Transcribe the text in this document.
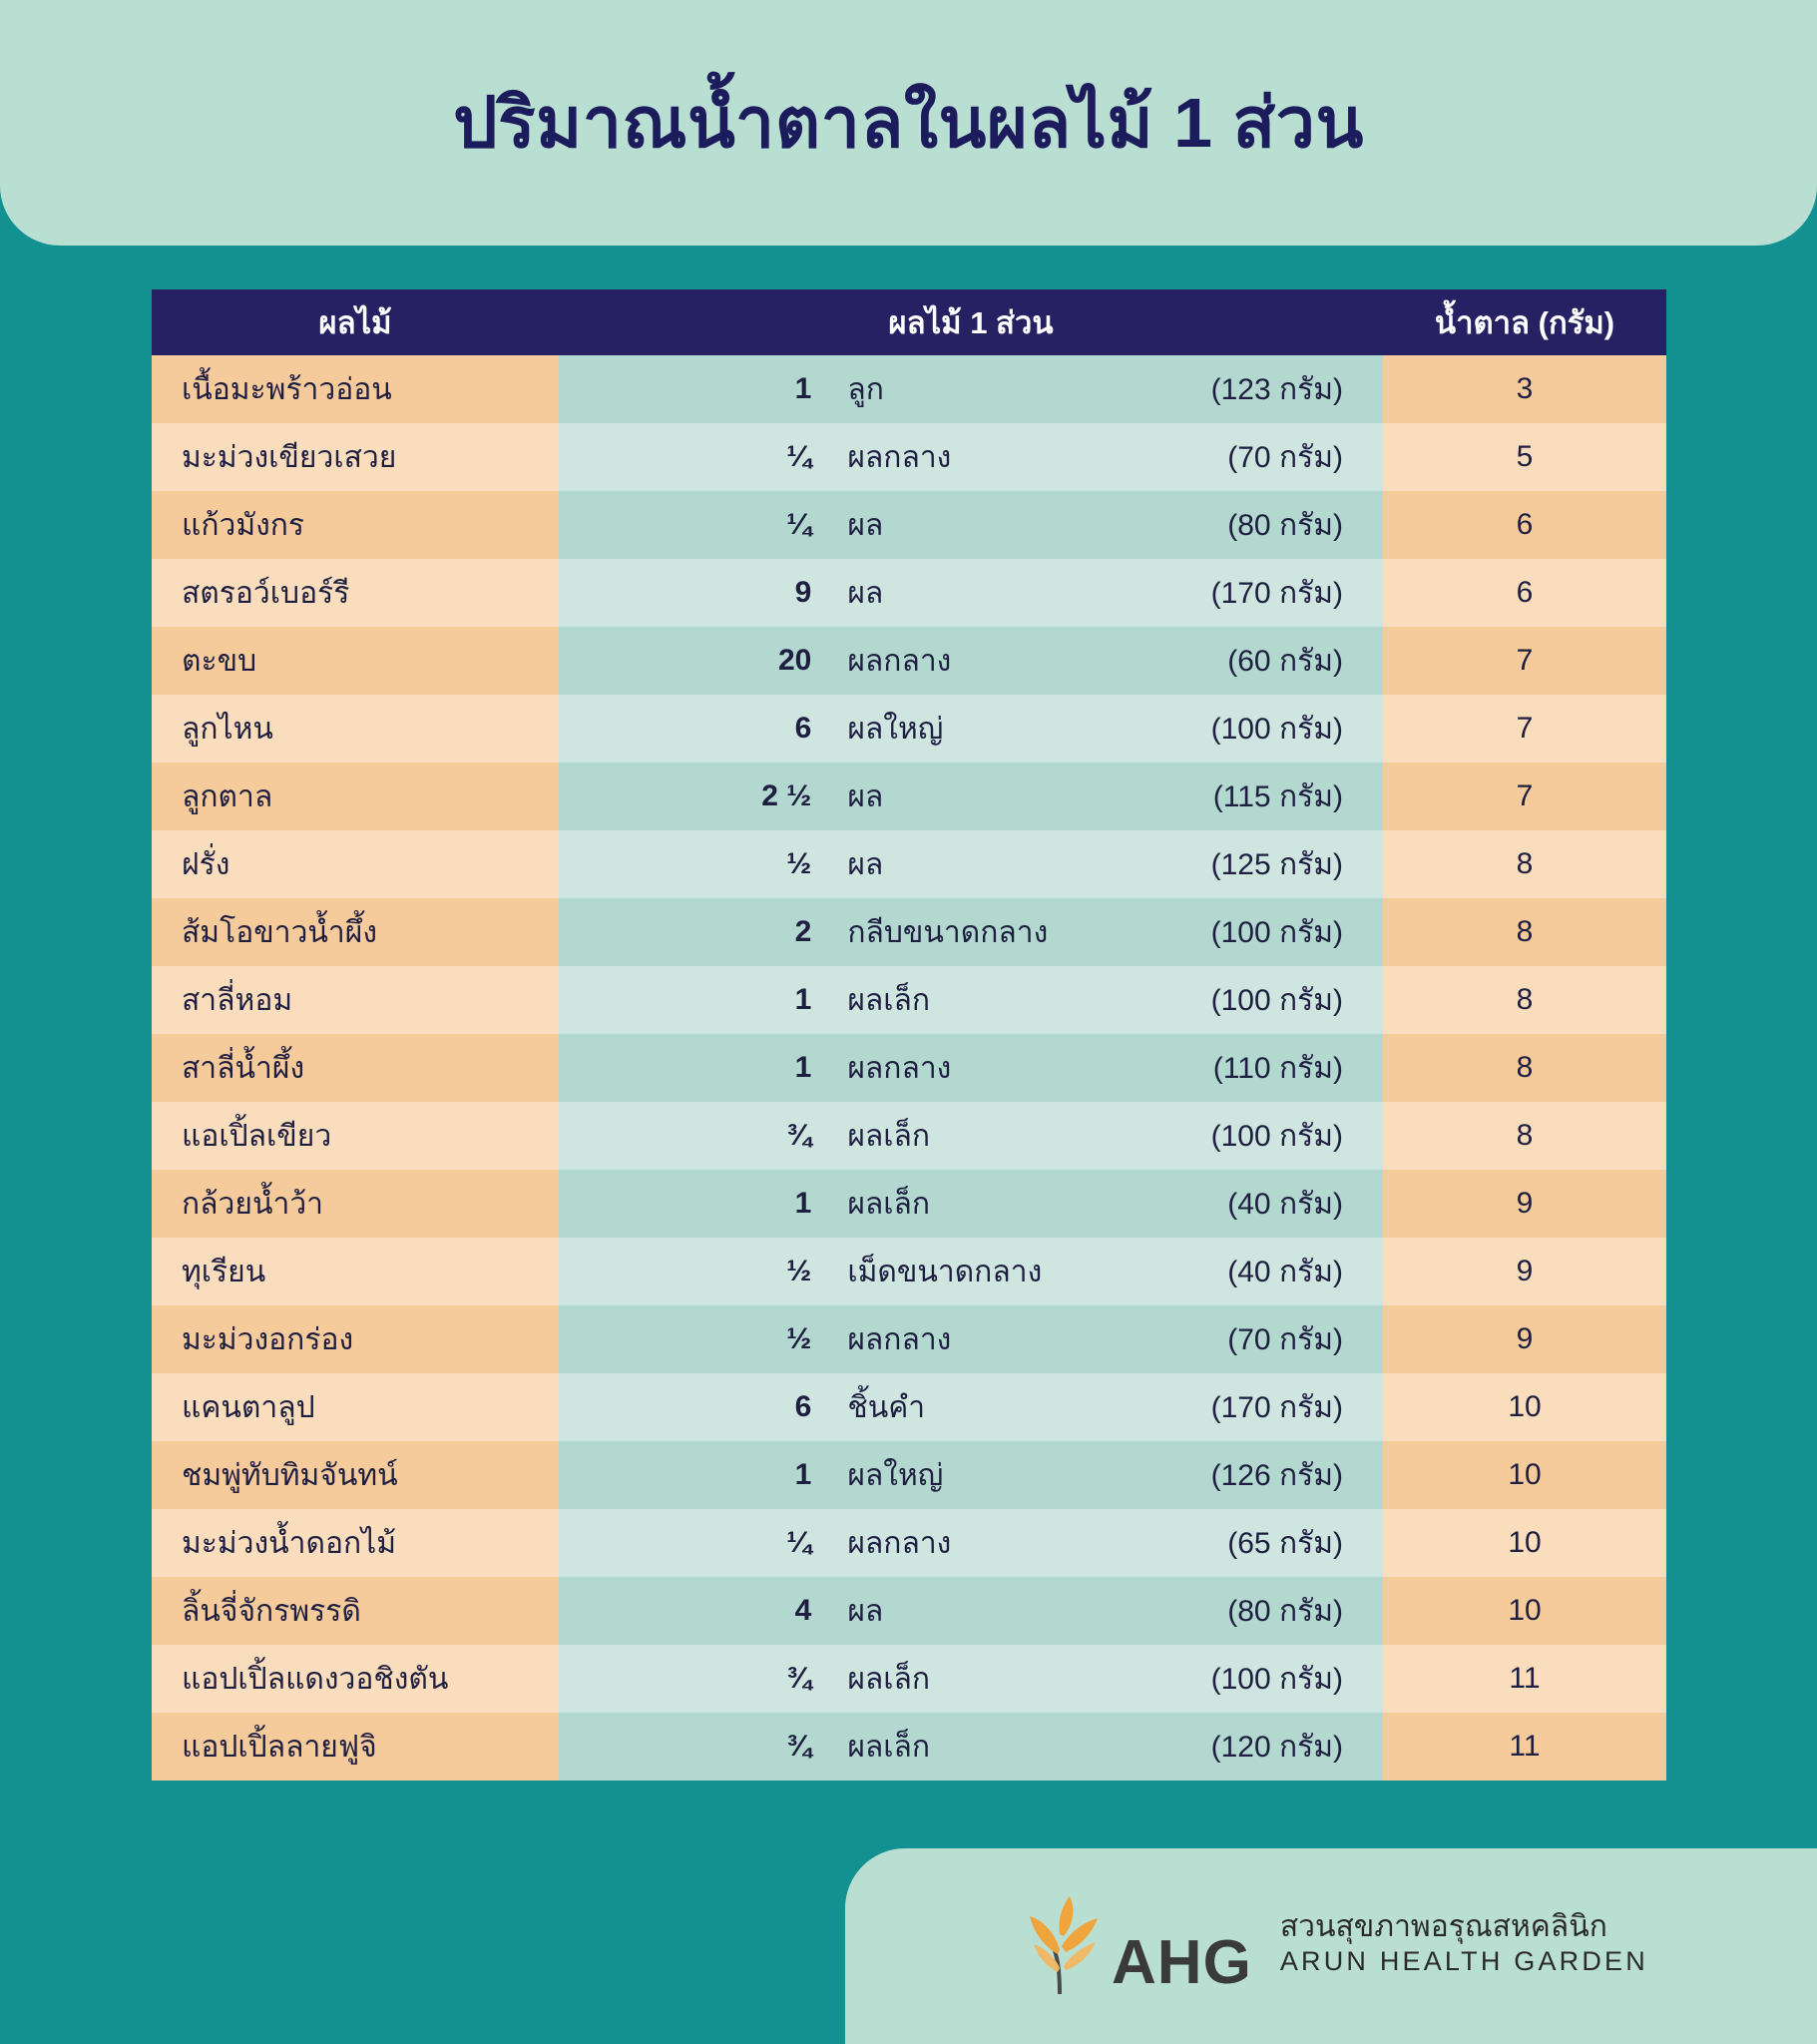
ปริมาณน้ำตาลในผลไม้ 1 ส่วน
ผลไม้	ผลไม้ 1 ส่วน			น้ำตาล (กรัม)
เนื้อมะพร้าวอ่อน	1	ลูก	(123 กรัม)	3
มะม่วงเขียวเสวย	¼	ผลกลาง	(70 กรัม)	5
แก้วมังกร	¼	ผล	(80 กรัม)	6
สตรอว์เบอร์รี	9	ผล	(170 กรัม)	6
ตะขบ	20	ผลกลาง	(60 กรัม)	7
ลูกไหน	6	ผลใหญ่	(100 กรัม)	7
ลูกตาล	2 ½	ผล	(115 กรัม)	7
ฝรั่ง	½	ผล	(125 กรัม)	8
ส้มโอขาวน้ำผึ้ง	2	กลีบขนาดกลาง	(100 กรัม)	8
สาลี่หอม	1	ผลเล็ก	(100 กรัม)	8
สาลี่น้ำผึ้ง	1	ผลกลาง	(110 กรัม)	8
แอเปิ้ลเขียว	¾	ผลเล็ก	(100 กรัม)	8
กล้วยน้ำว้า	1	ผลเล็ก	(40 กรัม)	9
ทุเรียน	½	เม็ดขนาดกลาง	(40 กรัม)	9
มะม่วงอกร่อง	½	ผลกลาง	(70 กรัม)	9
แคนตาลูป	6	ชิ้นคำ	(170 กรัม)	10
ชมพู่ทับทิมจันทน์	1	ผลใหญ่	(126 กรัม)	10
มะม่วงน้ำดอกไม้	¼	ผลกลาง	(65 กรัม)	10
ลิ้นจี่จักรพรรดิ	4	ผล	(80 กรัม)	10
แอปเปิ้ลแดงวอชิงตัน	¾	ผลเล็ก	(100 กรัม)	11
แอปเปิ้ลลายฟูจิ	¾	ผลเล็ก	(120 กรัม)	11
AHG
สวนสุขภาพอรุณสหคลินิก
ARUN HEALTH GARDEN
